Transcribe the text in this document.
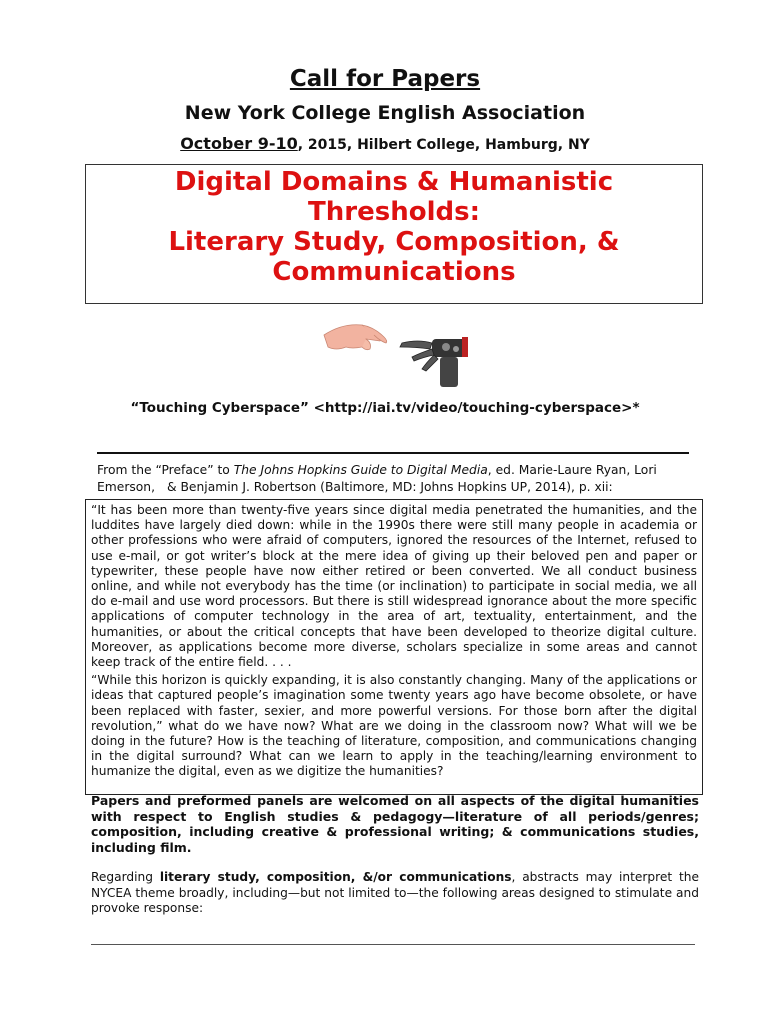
Call for Papers
New York College English Association
October 9-10, 2015, Hilbert College, Hamburg, NY
Digital Domains & Humanistic
Thresholds:
Literary Study, Composition, &
Communications
“Touching Cyberspace” <http://iai.tv/video/touching-cyberspace>*
From the “Preface” to The Johns Hopkins Guide to Digital Media, ed. Marie-Laure Ryan, Lori
Emerson, & Benjamin J. Robertson (Baltimore, MD: Johns Hopkins UP, 2014), p. xii:

“It has been more than twenty-five years since digital media penetrated the humanities, and the luddites have largely died down: while in the 1990s there were still many people in academia or other professions who were afraid of computers, ignored the resources of the Internet, refused to use e-mail, or got writer’s block at the mere idea of giving up their beloved pen and paper or typewriter, these people have now either retired or been converted. We all conduct business online, and while not everybody has the time (or inclination) to participate in social media, we all do e-mail and use word processors. But there is still widespread ignorance about the more specific applications of computer technology in the area of art, textuality, entertainment, and the humanities, or about the critical concepts that have been developed to theorize digital culture. Moreover, as applications become more diverse, scholars specialize in some areas and cannot keep track of the entire field. . . .

“While this horizon is quickly expanding, it is also constantly changing. Many of the applications or ideas that captured people’s imagination some twenty years ago have become obsolete, or have been replaced with faster, sexier, and more powerful versions. For those born after the digital revolution,” what do we have now? What are we doing in the classroom now? What will we be doing in the future? How is the teaching of literature, composition, and communications changing in the digital surround? What can we learn to apply in the teaching/learning environment to humanize the digital, even as we digitize the humanities?

Papers and preformed panels are welcomed on all aspects of the digital humanities with respect to English studies & pedagogy—literature of all periods/genres; composition, including creative & professional writing; & communications studies, including film.
Regarding literary study, composition, &/or communications, abstracts may interpret the NYCEA theme broadly, including—but not limited to—the following areas designed to stimulate and provoke response:
